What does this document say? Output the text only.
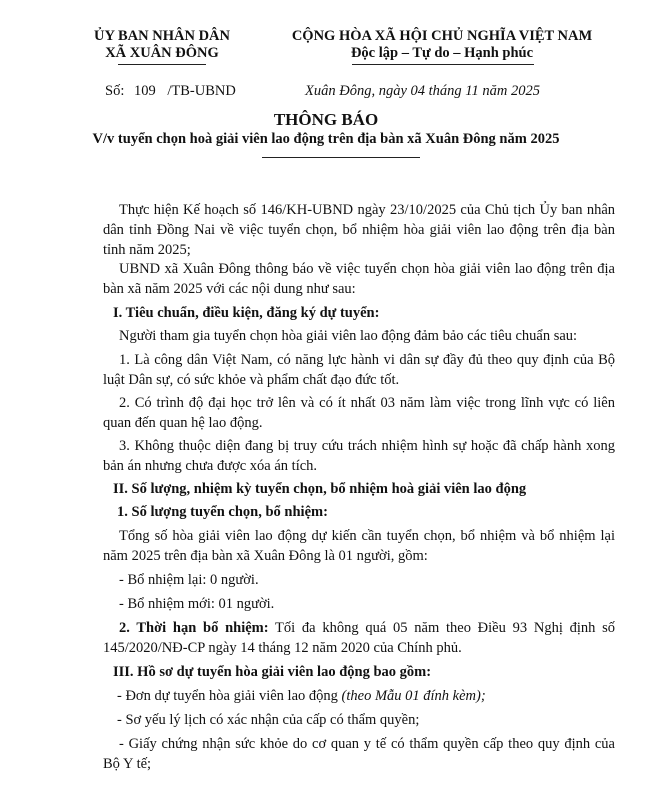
ỦY BAN NHÂN DÂN
XÃ XUÂN ĐÔNG
CỘNG HÒA XÃ HỘI CHỦ NGHĨA VIỆT NAM
Độc lập – Tự do – Hạnh phúc
Số: 109 /TB-UBND	Xuân Đông, ngày 04 tháng 11 năm 2025
THÔNG BÁO
V/v tuyển chọn hoà giải viên lao động trên địa bàn xã Xuân Đông năm 2025
Thực hiện Kế hoạch số 146/KH-UBND ngày 23/10/2025 của Chủ tịch Ủy ban nhân dân tỉnh Đồng Nai về việc tuyển chọn, bổ nhiệm hòa giải viên lao động trên địa bàn tỉnh năm 2025;
UBND xã Xuân Đông thông báo về việc tuyển chọn hòa giải viên lao động trên địa bàn xã năm 2025 với các nội dung như sau:
I. Tiêu chuẩn, điều kiện, đăng ký dự tuyển:
Người tham gia tuyển chọn hòa giải viên lao động đảm bảo các tiêu chuẩn sau:
1. Là công dân Việt Nam, có năng lực hành vi dân sự đầy đủ theo quy định của Bộ luật Dân sự, có sức khỏe và phẩm chất đạo đức tốt.
2. Có trình độ đại học trở lên và có ít nhất 03 năm làm việc trong lĩnh vực có liên quan đến quan hệ lao động.
3. Không thuộc diện đang bị truy cứu trách nhiệm hình sự hoặc đã chấp hành xong bản án nhưng chưa được xóa án tích.
II. Số lượng, nhiệm kỳ tuyển chọn, bổ nhiệm hoà giải viên lao động
1. Số lượng tuyển chọn, bổ nhiệm:
Tổng số hòa giải viên lao động dự kiến cần tuyển chọn, bổ nhiệm và bổ nhiệm lại năm 2025 trên địa bàn xã Xuân Đông là 01 người, gồm:
- Bổ nhiệm lại: 0 người.
- Bổ nhiệm mới: 01 người.
2. Thời hạn bổ nhiệm: Tối đa không quá 05 năm theo Điều 93 Nghị định số 145/2020/NĐ-CP ngày 14 tháng 12 năm 2020 của Chính phủ.
III. Hồ sơ dự tuyển hòa giải viên lao động bao gồm:
- Đơn dự tuyển hòa giải viên lao động (theo Mẫu 01 đính kèm);
- Sơ yếu lý lịch có xác nhận của cấp có thẩm quyền;
- Giấy chứng nhận sức khỏe do cơ quan y tế có thẩm quyền cấp theo quy định của Bộ Y tế;
